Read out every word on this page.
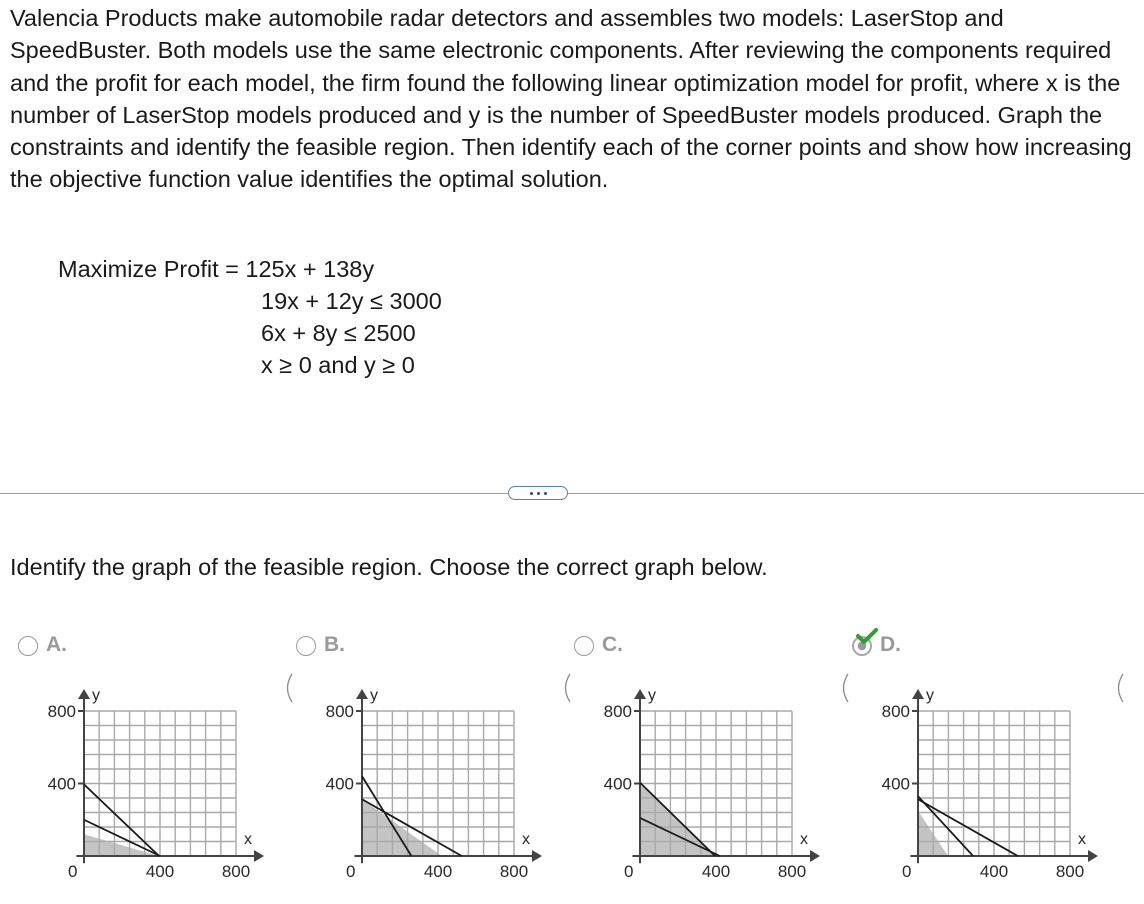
Valencia Products make automobile radar detectors and assembles two models: LaserStop and SpeedBuster. Both models use the same electronic components. After reviewing the components required and the profit for each model, the firm found the following linear optimization model for profit, where x is the number of LaserStop models produced and y is the number of SpeedBuster models produced. Graph the constraints and identify the feasible region. Then identify each of the corner points and show how increasing the objective function value identifies the optimal solution.

Maximize Profit = 125x + 138y
19x + 12y ≤ 3000
6x + 8y ≤ 2500
x ≥ 0 and y ≥ 0
Identify the graph of the feasible region. Choose the correct graph below.
A.
y
x
0
400
400
800
800
B.
y
x
0
400
400
800
800
C.
y
x
0
400
400
800
800
D.
y
x
0
400
400
800
800
